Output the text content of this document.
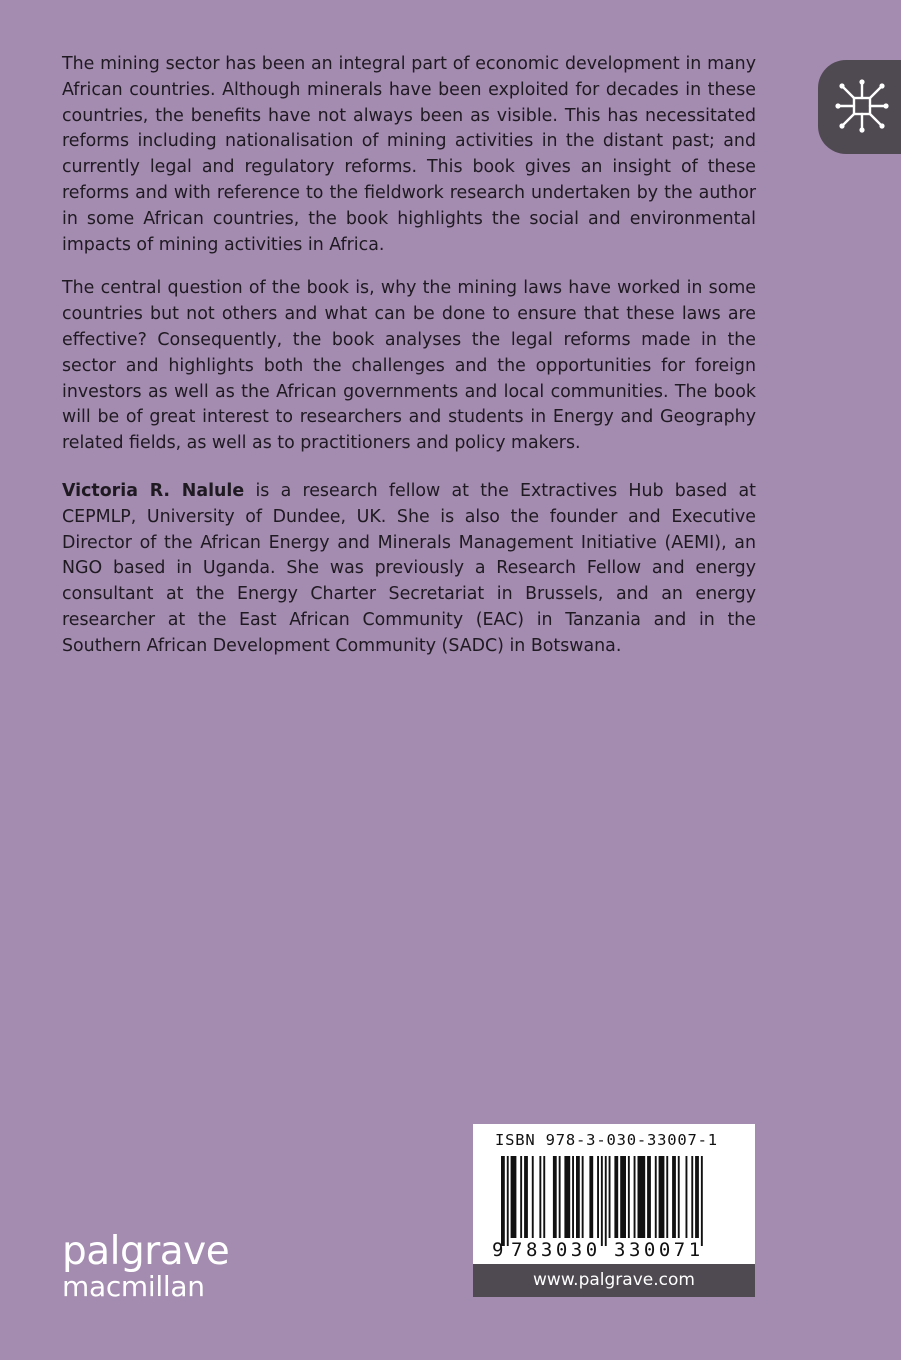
The mining sector has been an integral part of economic development in many African countries. Although minerals have been exploited for decades in these countries, the benefits have not always been as visible. This has necessitated reforms including nationalisation of mining activities in the distant past; and currently legal and regulatory reforms. This book gives an insight of these reforms and with reference to the fieldwork research undertaken by the author in some African countries, the book highlights the social and environmental impacts of mining activities in Africa.

The central question of the book is, why the mining laws have worked in some countries but not others and what can be done to ensure that these laws are effective? Consequently, the book analyses the legal reforms made in the sector and highlights both the challenges and the opportunities for foreign investors as well as the African governments and local communities. The book will be of great interest to researchers and students in Energy and Geography related fields, as well as to practitioners and policy makers.

Victoria R. Nalule is a research fellow at the Extractives Hub based at CEPMLP, University of Dundee, UK. She is also the founder and Executive Director of the African Energy and Minerals Management Initiative (AEMI), an NGO based in Uganda. She was previously a Research Fellow and energy consultant at the Energy Charter Secretariat in Brussels, and an energy researcher at the East African Community (EAC) in Tanzania and in the Southern African Development Community (SADC) in Botswana.

palgrave
macmillan
ISBN 978-3-030-33007-1
9 783030 330071
www.palgrave.com
